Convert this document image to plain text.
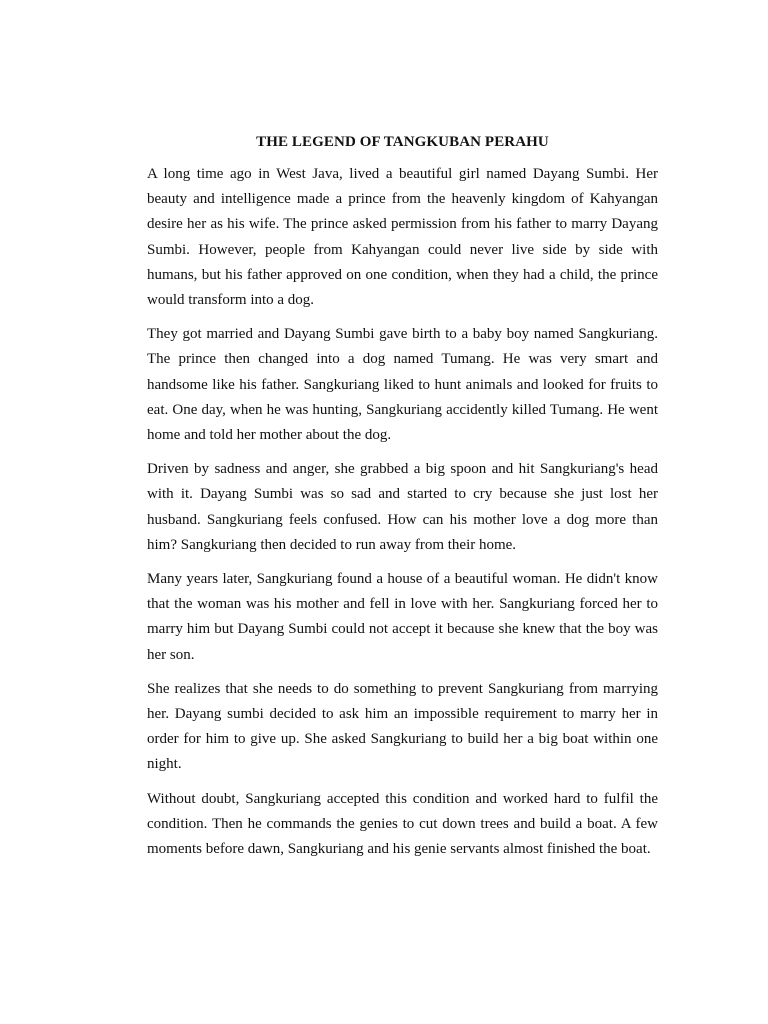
THE LEGEND OF TANGKUBAN PERAHU

A long time ago in West Java, lived a beautiful girl named Dayang Sumbi. Her beauty and intelligence made a prince from the heavenly kingdom of Kahyangan desire her as his wife. The prince asked permission from his father to marry Dayang Sumbi. However, people from Kahyangan could never live side by side with humans, but his father approved on one condition, when they had a child, the prince would transform into a dog.

They got married and Dayang Sumbi gave birth to a baby boy named Sangkuriang. The prince then changed into a dog named Tumang. He was very smart and handsome like his father. Sangkuriang liked to hunt animals and looked for fruits to eat. One day, when he was hunting, Sangkuriang accidently killed Tumang. He went home and told her mother about the dog.

Driven by sadness and anger, she grabbed a big spoon and hit Sangkuriang's head with it. Dayang Sumbi was so sad and started to cry because she just lost her husband. Sangkuriang feels confused. How can his mother love a dog more than him? Sangkuriang then decided to run away from their home.

Many years later, Sangkuriang found a house of a beautiful woman. He didn't know that the woman was his mother and fell in love with her. Sangkuriang forced her to marry him but Dayang Sumbi could not accept it because she knew that the boy was her son.

She realizes that she needs to do something to prevent Sangkuriang from marrying her. Dayang sumbi decided to ask him an impossible requirement to marry her in order for him to give up. She asked Sangkuriang to build her a big boat within one night.

Without doubt, Sangkuriang accepted this condition and worked hard to fulfil the condition. Then he commands the genies to cut down trees and build a boat. A few moments before dawn, Sangkuriang and his genie servants almost finished the boat.
